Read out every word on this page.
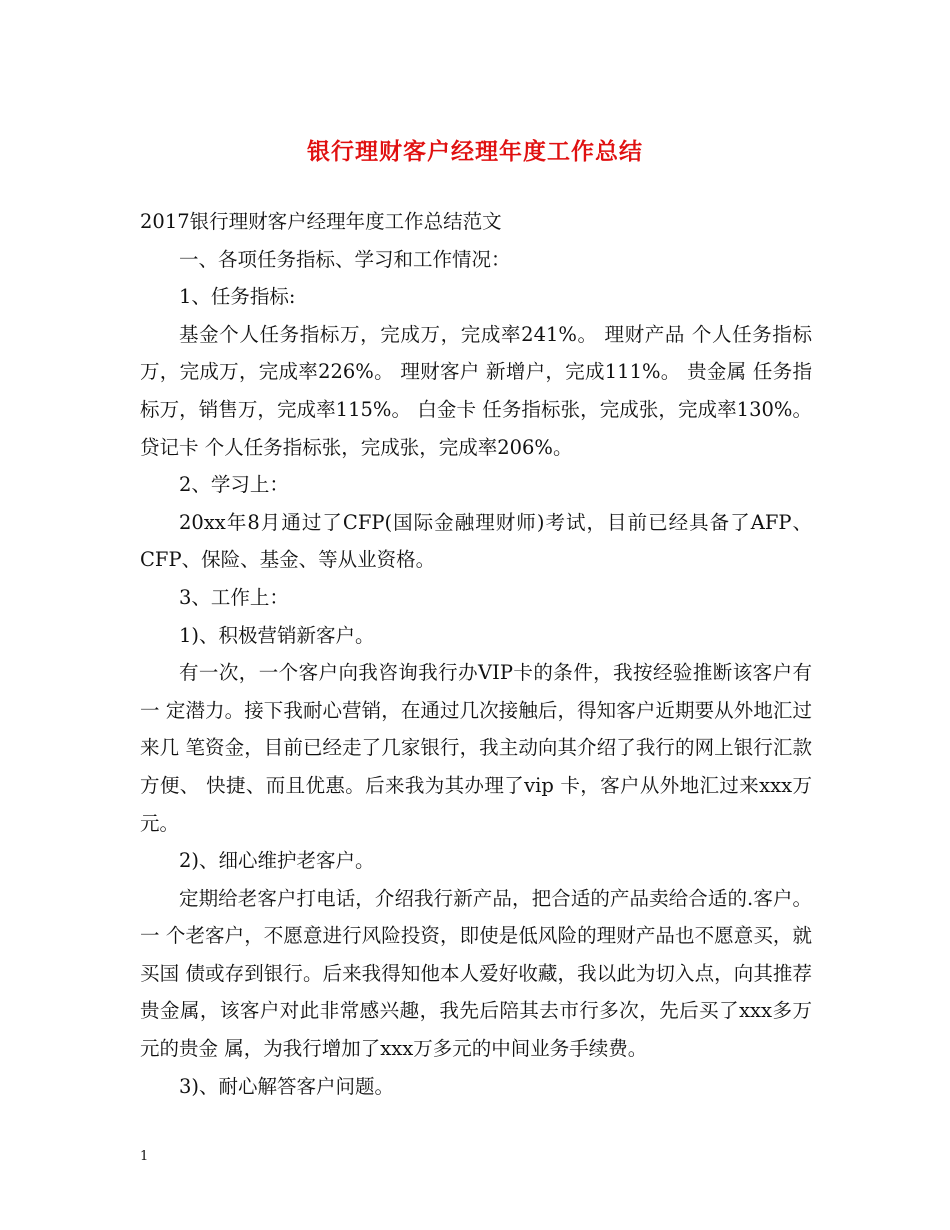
银行理财客户经理年度工作总结

2017银行理财客户经理年度工作总结范文

一、各项任务指标、学习和工作情况：

1、任务指标:

基金个人任务指标万，完成万，完成率241%。 理财产品 个人任务指标万，完成万，完成率226%。 理财客户 新增户，完成111%。 贵金属 任务指标万，销售万，完成率115%。 白金卡 任务指标张，完成张，完成率130%。贷记卡 个人任务指标张，完成张，完成率206%。

2、学习上：

20xx年8月通过了CFP(国际金融理财师)考试，目前已经具备了AFP、 CFP、保险、基金、等从业资格。

3、工作上：

1)、积极营销新客户。

有一次，一个客户向我咨询我行办VIP卡的条件，我按经验推断该客户有一 定潜力。接下我耐心营销，在通过几次接触后，得知客户近期要从外地汇过来几 笔资金，目前已经走了几家银行，我主动向其介绍了我行的网上银行汇款方便、 快捷、而且优惠。后来我为其办理了vip 卡，客户从外地汇过来xxx万元。

2)、细心维护老客户。

定期给老客户打电话，介绍我行新产品，把合适的产品卖给合适的.客户。一 个老客户，不愿意进行风险投资，即使是低风险的理财产品也不愿意买，就买国 债或存到银行。后来我得知他本人爱好收藏，我以此为切入点，向其推荐贵金属，该客户对此非常感兴趣，我先后陪其去市行多次，先后买了xxx多万元的贵金 属，为我行增加了xxx万多元的中间业务手续费。

3)、耐心解答客户问题。

1
